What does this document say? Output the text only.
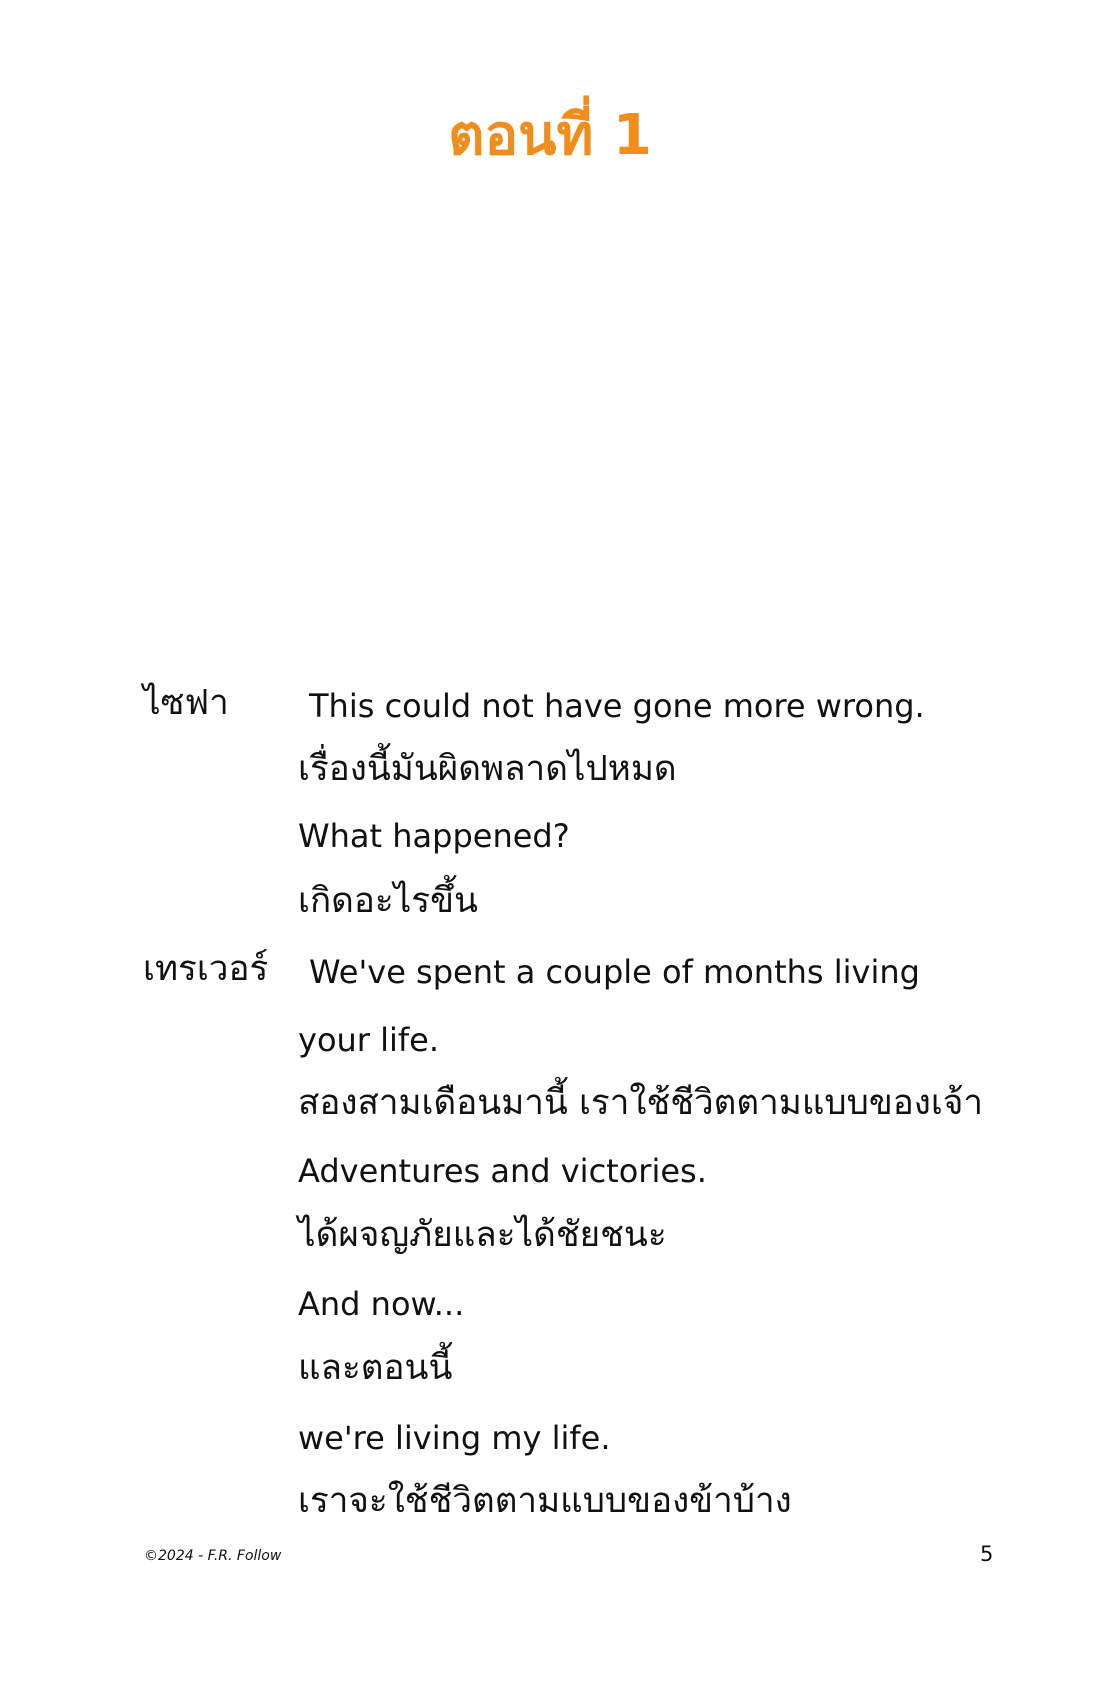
ตอนที่ 1
ไซฟา	This could not have gone more wrong.
เรื่องนี้มันผิดพลาดไปหมด
What happened?
เกิดอะไรขึ้น
เทรเวอร์ We've spent a couple of months living
your life.
สองสามเดือนมานี้ เราใช้ชีวิตตามแบบของเจ้า
Adventures and victories.
ได้ผจญภัยและได้ชัยชนะ
And now...
และตอนนี้
we're living my life.
เราจะใช้ชีวิตตามแบบของข้าบ้าง
©2024 - F.R. Follow	5
